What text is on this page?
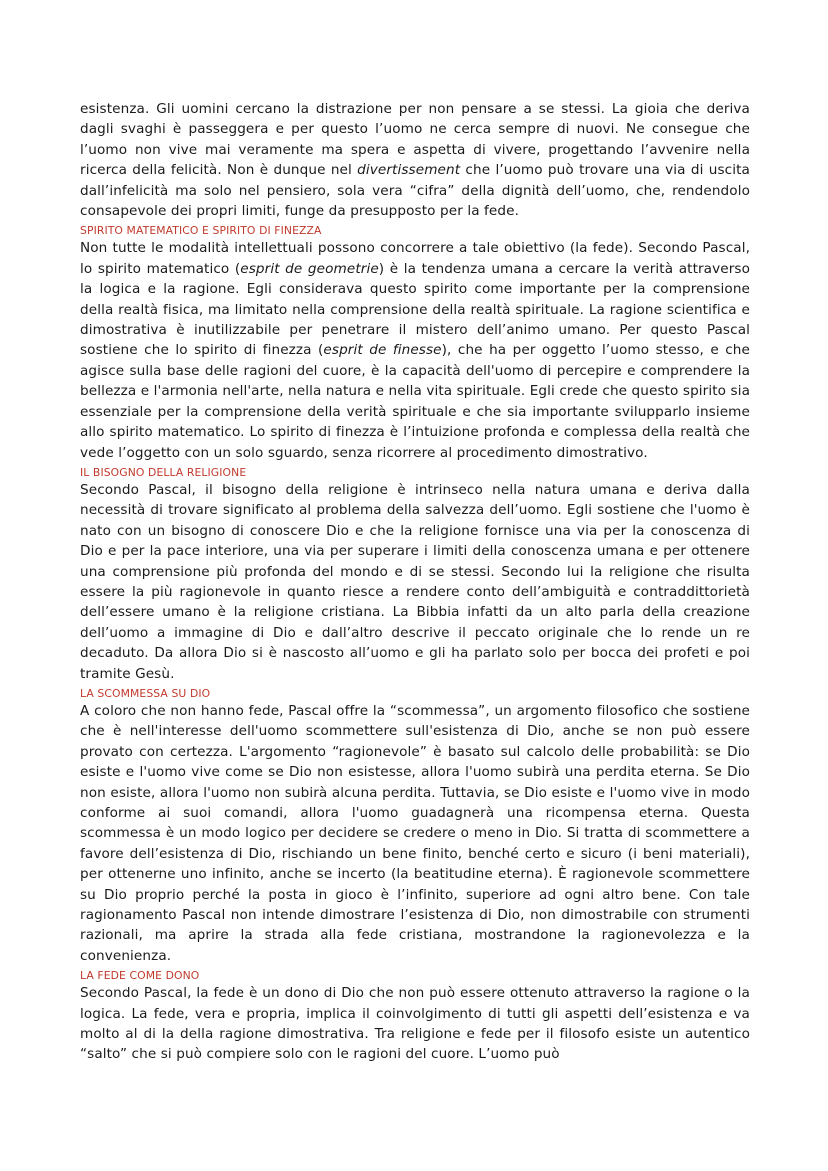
esistenza. Gli uomini cercano la distrazione per non pensare a se stessi. La gioia che deriva dagli svaghi è passeggera e per questo l’uomo ne cerca sempre di nuovi. Ne consegue che l’uomo non vive mai veramente ma spera e aspetta di vivere, progettando l’avvenire nella ricerca della felicità. Non è dunque nel divertissement che l’uomo può trovare una via di uscita dall’infelicità ma solo nel pensiero, sola vera “cifra” della dignità dell’uomo, che, rendendolo consapevole dei propri limiti, funge da presupposto per la fede.

SPIRITO MATEMATICO E SPIRITO DI FINEZZA

Non tutte le modalità intellettuali possono concorrere a tale obiettivo (la fede). Secondo Pascal, lo spirito matematico (esprit de geometrie) è la tendenza umana a cercare la verità attraverso la logica e la ragione. Egli considerava questo spirito come importante per la comprensione della realtà fisica, ma limitato nella comprensione della realtà spirituale. La ragione scientifica e dimostrativa è inutilizzabile per penetrare il mistero dell’animo umano. Per questo Pascal sostiene che lo spirito di finezza (esprit de finesse), che ha per oggetto l’uomo stesso, e che agisce sulla base delle ragioni del cuore, è la capacità dell'uomo di percepire e comprendere la bellezza e l'armonia nell'arte, nella natura e nella vita spirituale. Egli crede che questo spirito sia essenziale per la comprensione della verità spirituale e che sia importante svilupparlo insieme allo spirito matematico. Lo spirito di finezza è l’intuizione profonda e complessa della realtà che vede l’oggetto con un solo sguardo, senza ricorrere al procedimento dimostrativo.

IL BISOGNO DELLA RELIGIONE

Secondo Pascal, il bisogno della religione è intrinseco nella natura umana e deriva dalla necessità di trovare significato al problema della salvezza dell’uomo. Egli sostiene che l'uomo è nato con un bisogno di conoscere Dio e che la religione fornisce una via per la conoscenza di Dio e per la pace interiore, una via per superare i limiti della conoscenza umana e per ottenere una comprensione più profonda del mondo e di se stessi. Secondo lui la religione che risulta essere la più ragionevole in quanto riesce a rendere conto dell’ambiguità e contraddittorietà dell’essere umano è la religione cristiana. La Bibbia infatti da un alto parla della creazione dell’uomo a immagine di Dio e dall’altro descrive il peccato originale che lo rende un re decaduto. Da allora Dio si è nascosto all’uomo e gli ha parlato solo per bocca dei profeti e poi tramite Gesù.

LA SCOMMESSA SU DIO

A coloro che non hanno fede, Pascal offre la “scommessa”, un argomento filosofico che sostiene che è nell'interesse dell'uomo scommettere sull'esistenza di Dio, anche se non può essere provato con certezza. L'argomento “ragionevole” è basato sul calcolo delle probabilità: se Dio esiste e l'uomo vive come se Dio non esistesse, allora l'uomo subirà una perdita eterna. Se Dio non esiste, allora l'uomo non subirà alcuna perdita. Tuttavia, se Dio esiste e l'uomo vive in modo conforme ai suoi comandi, allora l'uomo guadagnerà una ricompensa eterna. Questa scommessa è un modo logico per decidere se credere o meno in Dio. Si tratta di scommettere a favore dell’esistenza di Dio, rischiando un bene finito, benché certo e sicuro (i beni materiali), per ottenerne uno infinito, anche se incerto (la beatitudine eterna). È ragionevole scommettere su Dio proprio perché la posta in gioco è l’infinito, superiore ad ogni altro bene. Con tale ragionamento Pascal non intende dimostrare l’esistenza di Dio, non dimostrabile con strumenti razionali, ma aprire la strada alla fede cristiana, mostrandone la ragionevolezza e la convenienza.

LA FEDE COME DONO

Secondo Pascal, la fede è un dono di Dio che non può essere ottenuto attraverso la ragione o la logica. La fede, vera e propria, implica il coinvolgimento di tutti gli aspetti dell’esistenza e va molto al di la della ragione dimostrativa. Tra religione e fede per il filosofo esiste un autentico “salto” che si può compiere solo con le ragioni del cuore. L’uomo può
